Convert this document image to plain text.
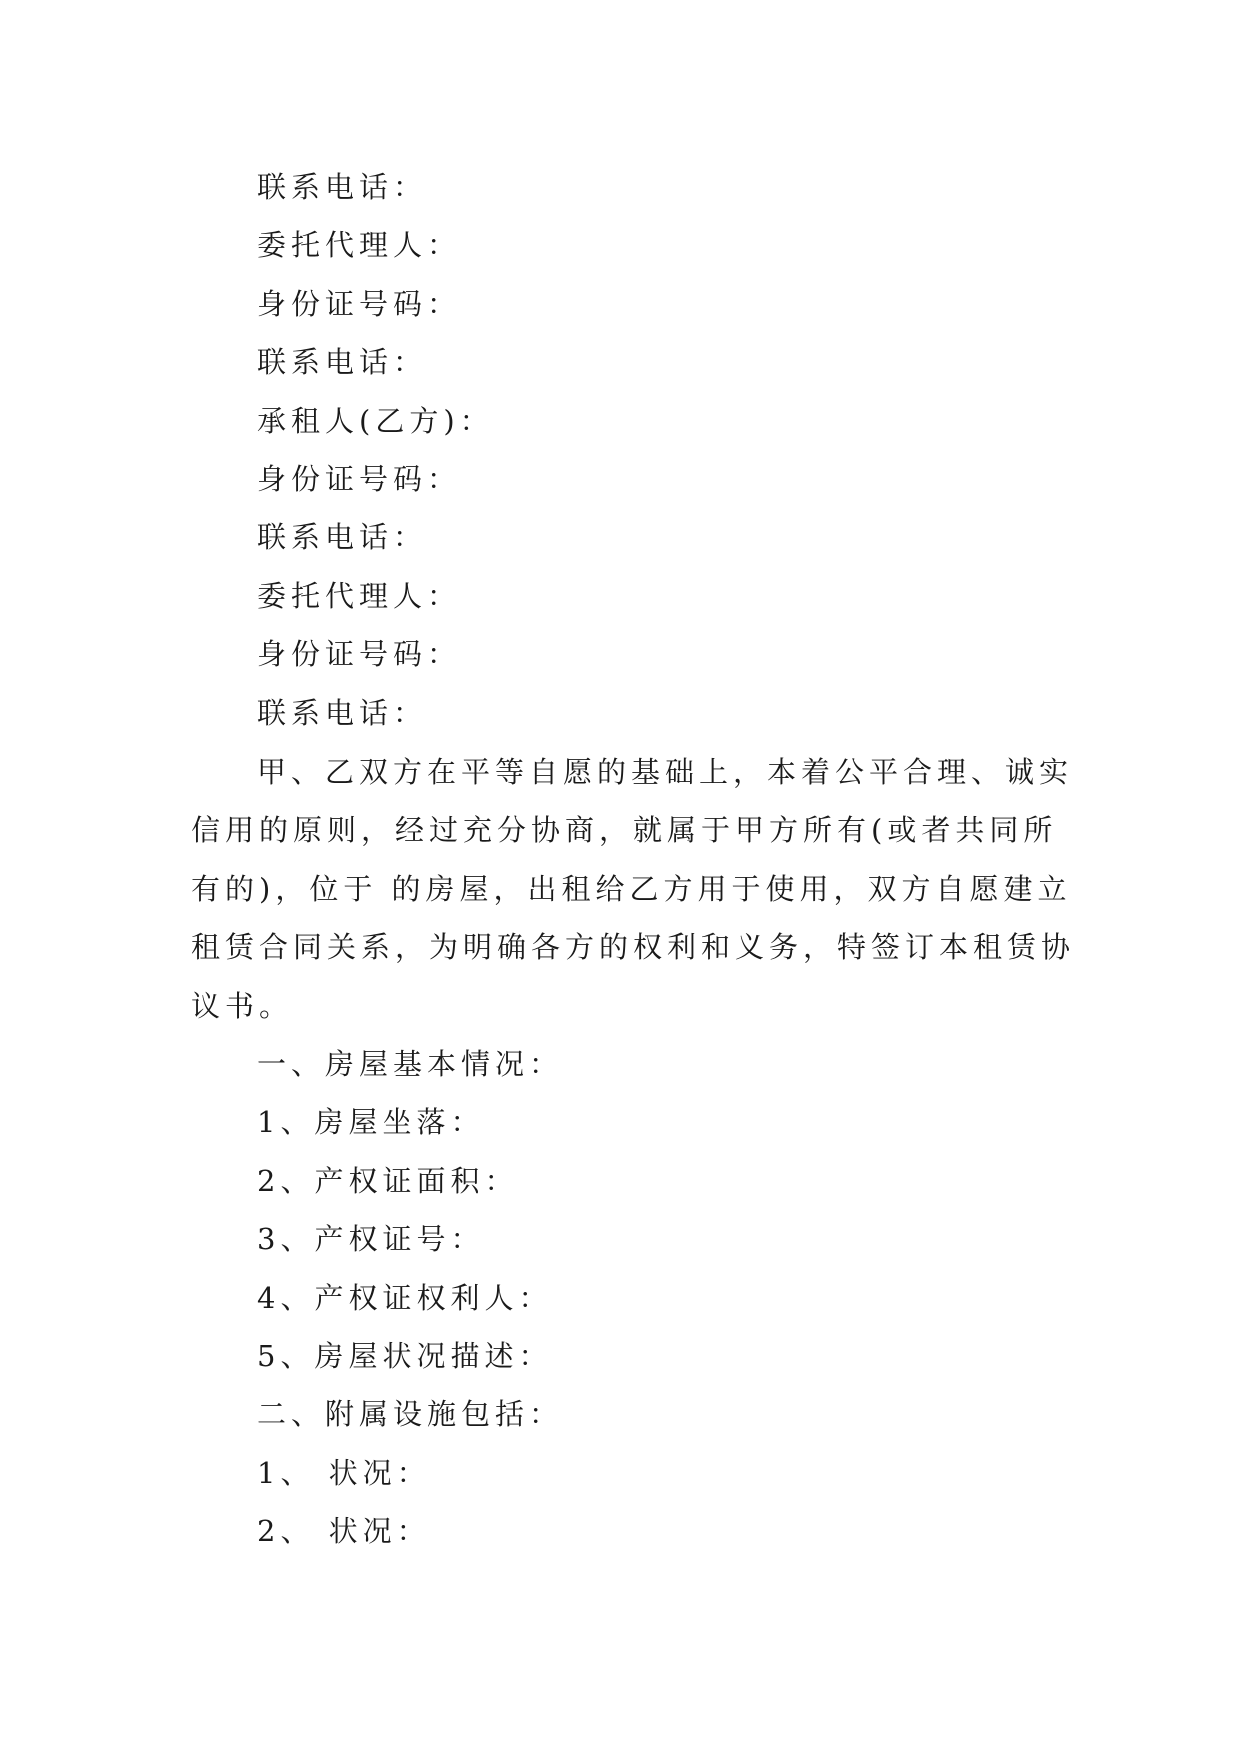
联系电话：
委托代理人：
身份证号码：
联系电话：
承租人(乙方)：
身份证号码：
联系电话：
委托代理人：
身份证号码：
联系电话：
甲、乙双方在平等自愿的基础上，本着公平合理、诚实
信用的原则，经过充分协商，就属于甲方所有(或者共同所
有的)，位于 的房屋，出租给乙方用于使用，双方自愿建立
租赁合同关系，为明确各方的权利和义务，特签订本租赁协
议书。
一、房屋基本情况：
1、房屋坐落：
2、产权证面积：
3、产权证号：
4、产权证权利人：
5、房屋状况描述：
二、附属设施包括：
1、 状况：
2、 状况：
